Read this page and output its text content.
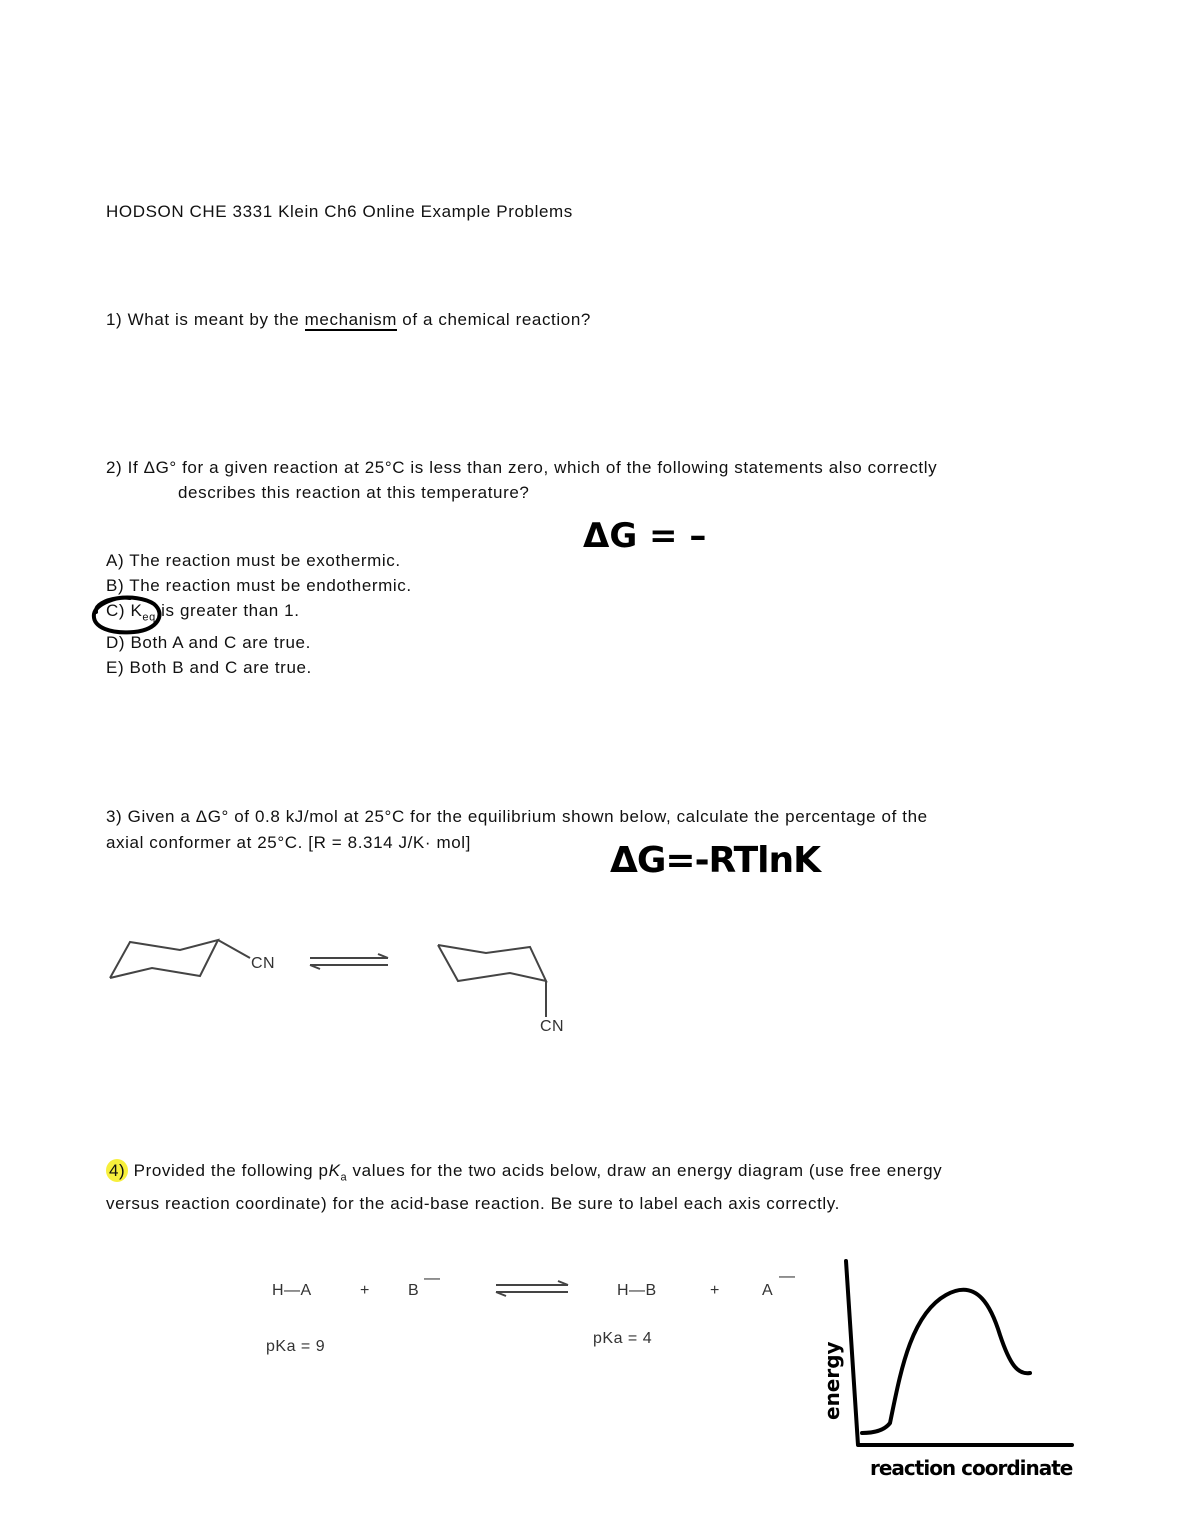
HODSON CHE 3331 Klein Ch6 Online Example Problems
1) What is meant by the mechanism of a chemical reaction?
2) If ΔG° for a given reaction at 25°C is less than zero, which of the following statements also correctly
describes this reaction at this temperature?
ΔG = –
A) The reaction must be exothermic.
B) The reaction must be endothermic.
C) $K_{eq}$ is greater than 1.
D) Both A and C are true.
E) Both B and C are true.
3) Given a ΔG° of 0.8 kJ/mol at 25°C for the equilibrium shown below, calculate the percentage of the
axial conformer at 25°C. [R = 8.314 J/K· mol]	ΔG=-RTlnK
CN
CN
4) Provided the following $pK_a$ values for the two acids below, draw an energy diagram (use free energy
versus reaction coordinate) for the acid-base reaction. Be sure to label each axis correctly.
H—A	+ B
—
H—B	+	A
—
pKa = 9	pKa = 4
energy
reaction coordinate
